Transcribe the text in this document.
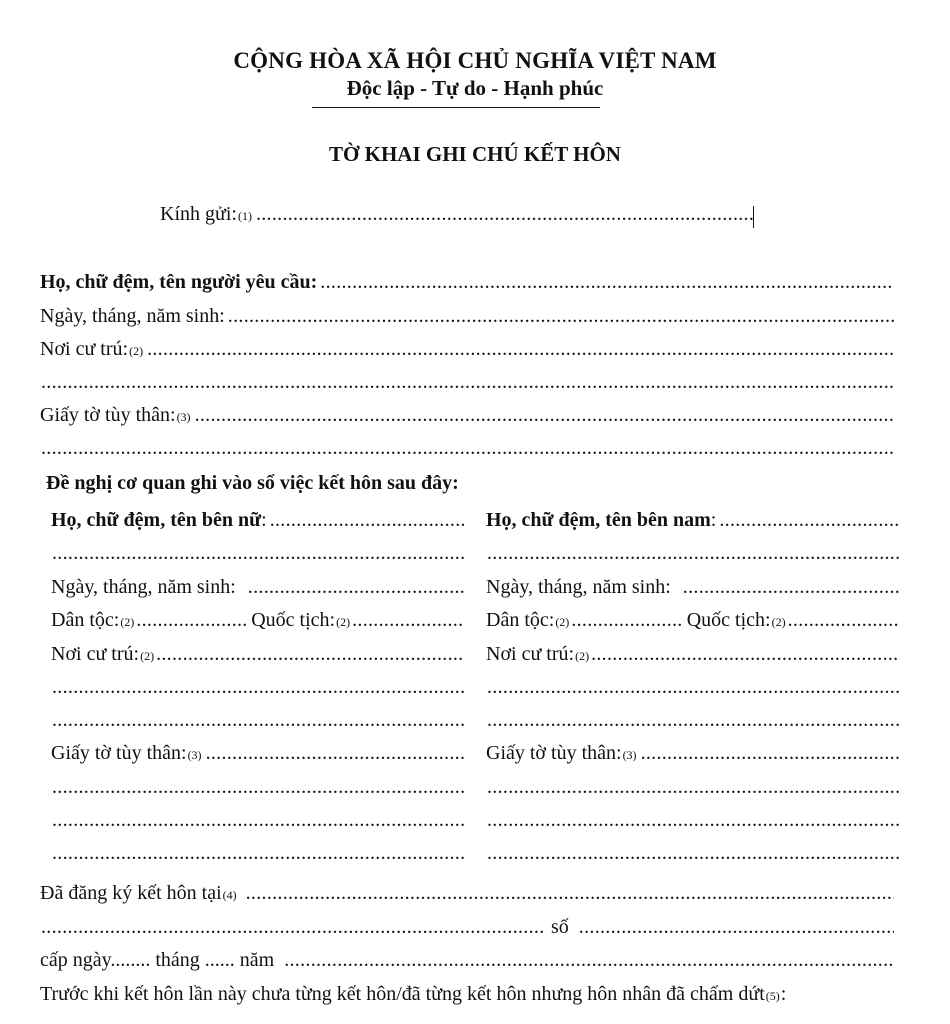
CỘNG HÒA XÃ HỘI CHỦ NGHĨA VIỆT NAM
Độc lập - Tự do - Hạnh phúc
TỜ KHAI GHI CHÚ KẾT HÔN
Kính gửi: (1)
.....
Họ, chữ đệm, tên người yêu cầu:
.....
Ngày, tháng, năm sinh:
.....
Nơi cư trú: (2)
.....
.....
Giấy tờ tùy thân: (3)
.....
.....
Đề nghị cơ quan ghi vào sổ việc kết hôn sau đây:
Họ, chữ đệm, tên bên nữ :
.....
.....
Ngày, tháng, năm sinh:
.....
Dân tộc: (2) .....	Quốc tịch: (2)
.....
Nơi cư trú: (2)
.....
.....
.....
Giấy tờ tùy thân: (3)
.....
.....
.....
.....
Họ, chữ đệm, tên bên nam :
.....
.....
Ngày, tháng, năm sinh:
.....
Dân tộc: (2) .....	Quốc tịch: (2)
.....
Nơi cư trú: (2)
.....
.....
.....
Giấy tờ tùy thân: (3)
.....
.....
.....
.....
Đã đăng ký kết hôn tại (4)
.....
.....
số
.....
cấp ngày........ tháng ...... năm
.....
Trước khi kết hôn lần này chưa từng kết hôn/đã từng kết hôn nhưng hôn nhân đã chấm dứt (5) :
